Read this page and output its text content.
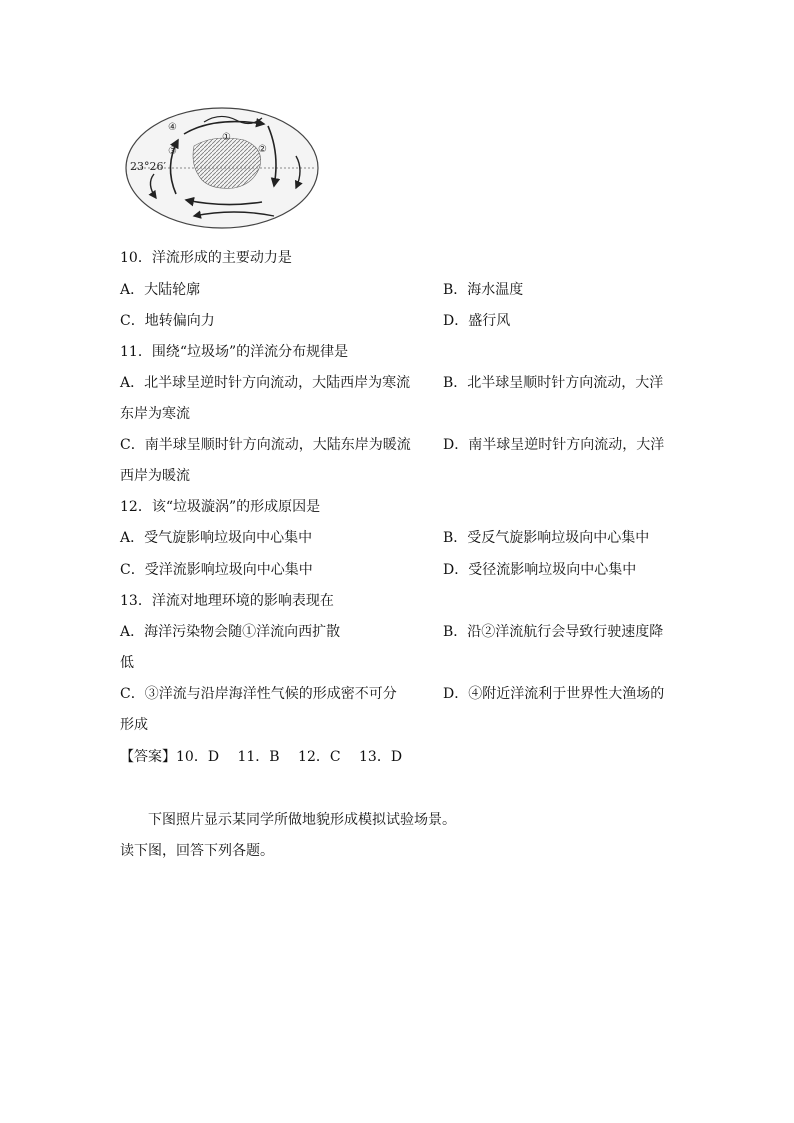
④
①
②
③
23°26′
10．洋流形成的主要动力是
A．大陆轮廓	B．海水温度
C．地转偏向力	D．盛行风
11．围绕“垃圾场”的洋流分布规律是
A．北半球呈逆时针方向流动，大陆西岸为寒流 B．北半球呈顺时针方向流动，大洋
东岸为寒流
C．南半球呈顺时针方向流动，大陆东岸为暖流 D．南半球呈逆时针方向流动，大洋
西岸为暖流
12．该“垃圾漩涡”的形成原因是
A．受气旋影响垃圾向中心集中	B．受反气旋影响垃圾向中心集中
C．受洋流影响垃圾向中心集中	D．受径流影响垃圾向中心集中
13．洋流对地理环境的影响表现在
A．海洋污染物会随①洋流向西扩散	B．沿②洋流航行会导致行驶速度降
低
C．③洋流与沿岸海洋性气候的形成密不可分	D．④附近洋流利于世界性大渔场的
形成
【答案】10．D　 11．B　 12．C　 13．D
下图照片显示某同学所做地貌形成模拟试验场景。
读下图，回答下列各题。
